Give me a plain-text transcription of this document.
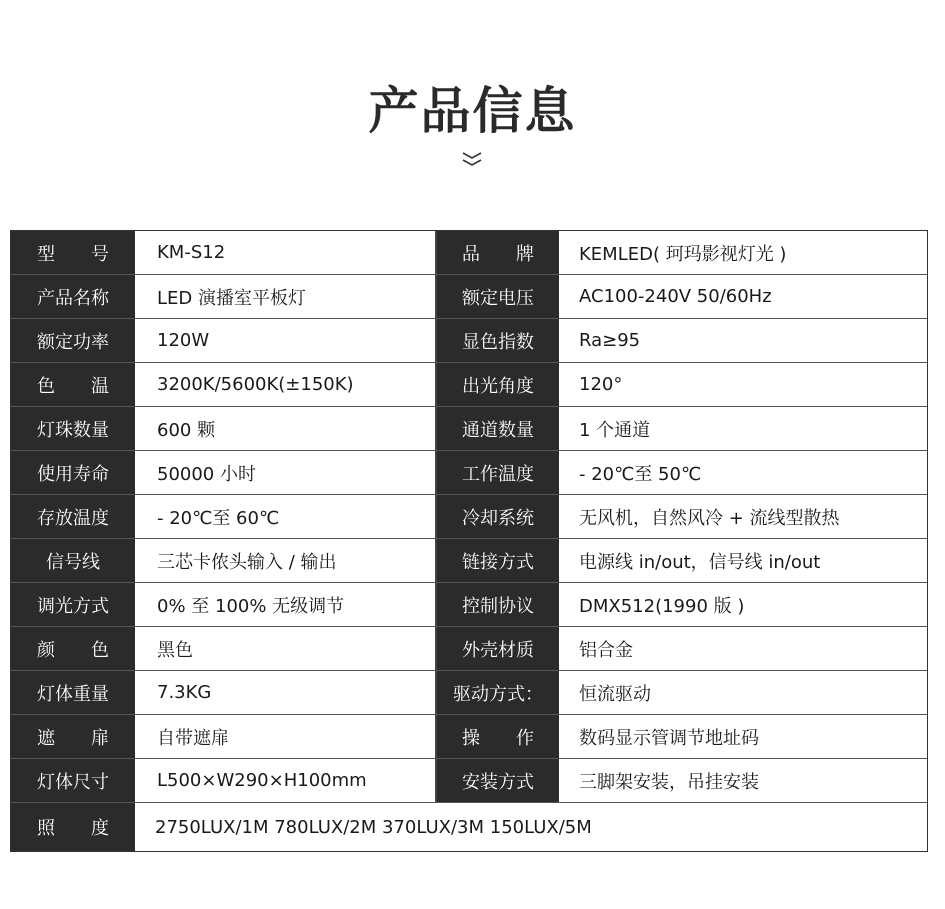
产品信息
型　　号	KM-S12	品　　牌	KEMLED( 珂玛影视灯光 )
产品名称	LED 演播室平板灯	额定电压	AC100-240V 50/60Hz
额定功率	120W	显色指数	Ra≥95
色　　温	3200K/5600K(±150K)	出光角度	120°
灯珠数量	600 颗	通道数量	1 个通道
使用寿命	50000 小时	工作温度	- 20℃至 50℃
存放温度	- 20℃至 60℃	冷却系统	无风机，自然风冷 + 流线型散热
信号线	三芯卡侬头输入 / 输出	链接方式	电源线 in/out，信号线 in/out
调光方式	0% 至 100% 无级调节	控制协议	DMX512(1990 版 )
颜　　色	黑色	外壳材质	铝合金
灯体重量	7.3KG	驱动方式：	恒流驱动
遮　　扉	自带遮扉	操　　作	数码显示管调节地址码
灯体尺寸	L500×W290×H100mm	安装方式	三脚架安装，吊挂安装
照　　度	2750LUX/1M 780LUX/2M 370LUX/3M 150LUX/5M
